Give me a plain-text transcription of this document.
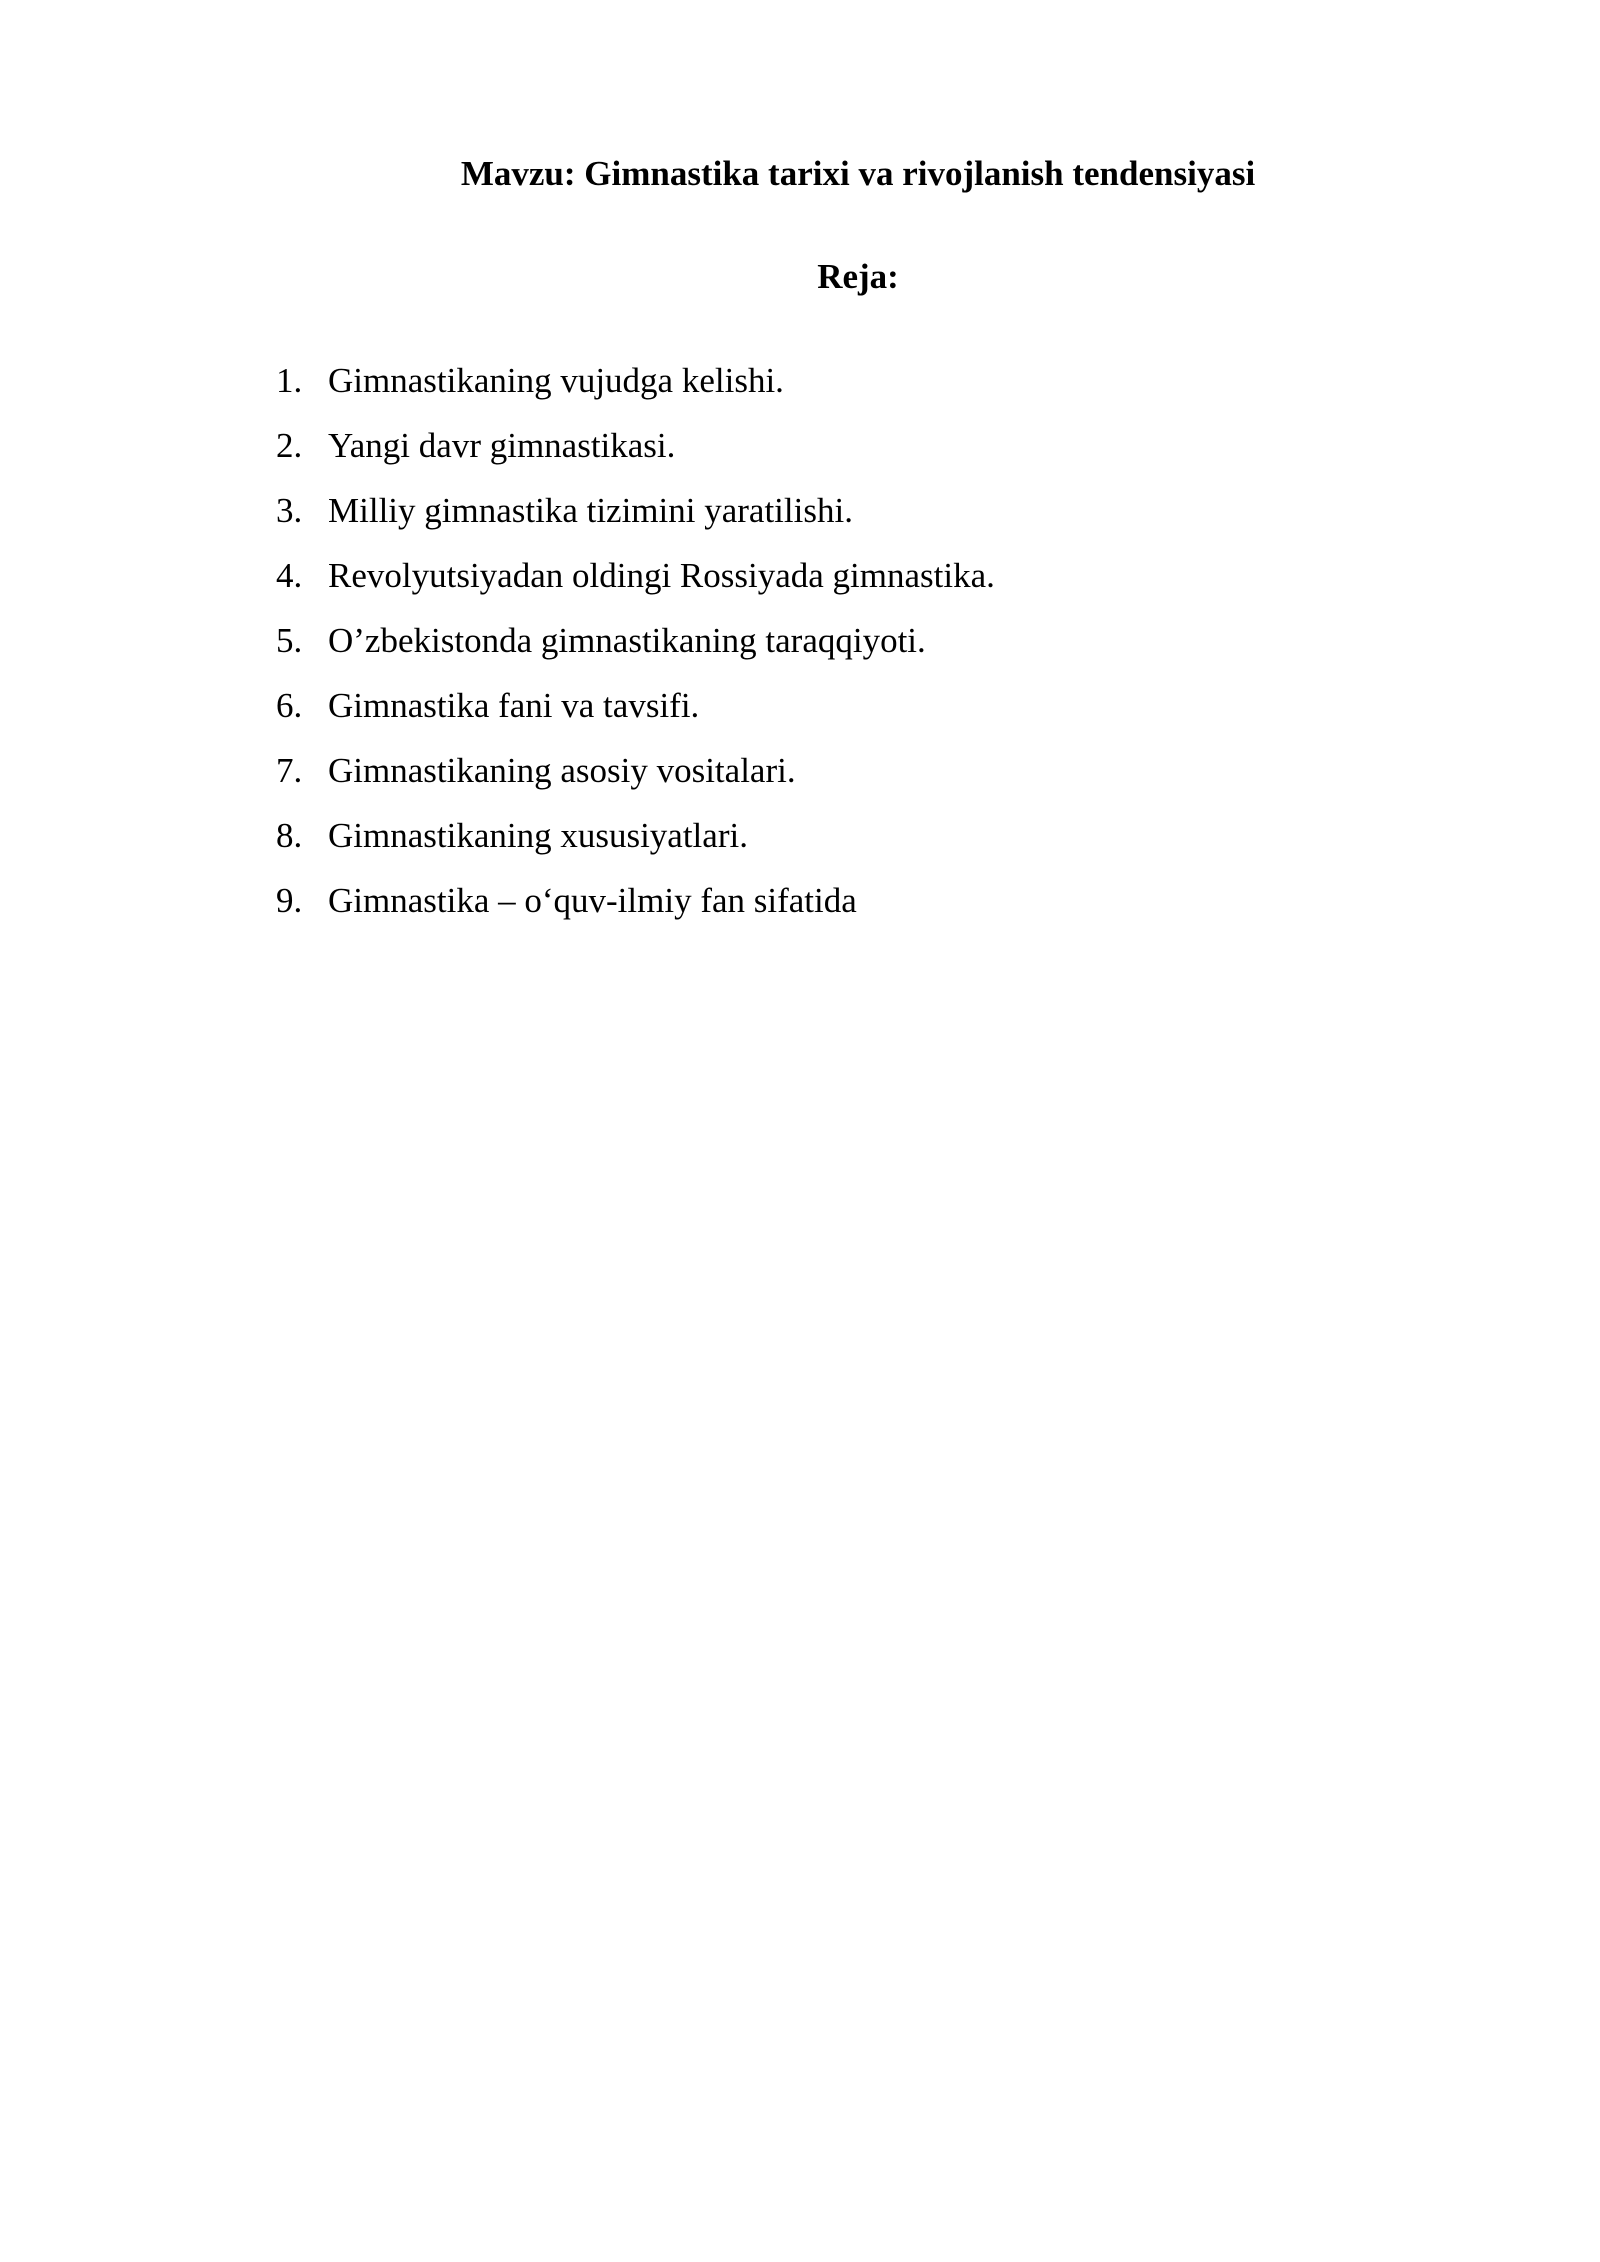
Mavzu: Gimnastika tarixi va rivojlanish tendensiyasi
Reja:
1. Gimnastikaning vujudga kelishi.
2. Yangi davr gimnastikasi.
3. Milliy gimnastika tizimini yaratilishi.
4. Revolyutsiyadan oldingi Rossiyada gimnastika.
5. O’zbekistonda gimnastikaning taraqqiyoti.
6. Gimnastika fani va tavsifi.
7. Gimnastikaning asosiy vositalari.
8. Gimnastikaning xususiyatlari.
9. Gimnastika – o‘quv-ilmiy fan sifatida
